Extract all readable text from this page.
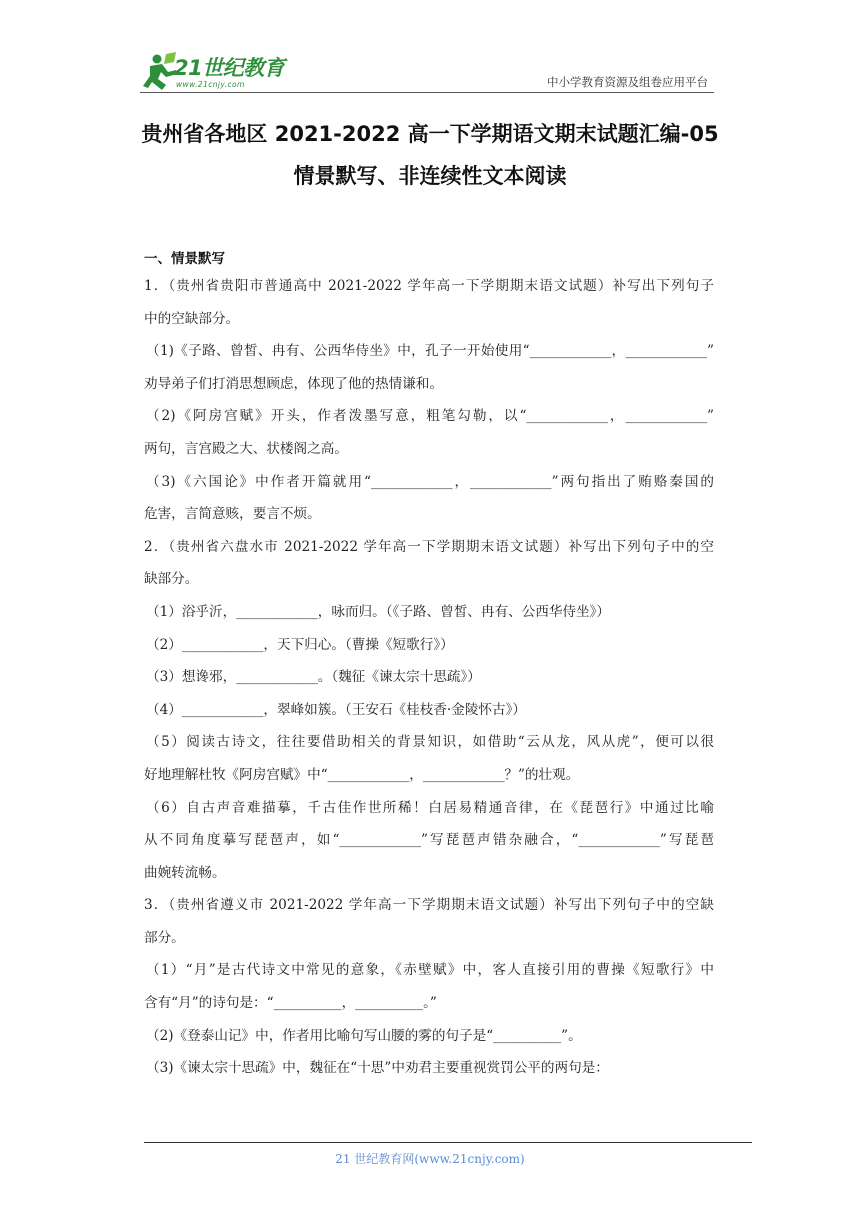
21世纪教育
www.21cnjy.com	中小学教育资源及组卷应用平台
贵州省各地区 2021-2022 高一下学期语文期末试题汇编-05
情景默写、非连续性文本阅读
一、情景默写

1．（贵州省贵阳市普通高中 2021-2022 学年高一下学期期末语文试题）补写出下列句子

中的空缺部分。

（1)《子路、曾皙、冉有、公西华侍坐》中，孔子一开始使用“____________，____________”

劝导弟子们打消思想顾虑，体现了他的热情谦和。

（2)《阿房宫赋》开头，作者泼墨写意，粗笔勾勒，以“____________，____________”

两句，言宫殿之大、状楼阁之高。

（3)《六国论》中作者开篇就用“____________，____________”两句指出了贿赂秦国的

危害，言简意赅，要言不烦。

2．（贵州省六盘水市 2021-2022 学年高一下学期期末语文试题）补写出下列句子中的空

缺部分。

（1）浴乎沂，____________，咏而归。（《子路、曾皙、冉有、公西华侍坐》）

（2）____________，天下归心。（曹操《短歌行》）

（3）想谗邪，____________。（魏征《谏太宗十思疏》）

（4）____________，翠峰如簇。（王安石《桂枝香·金陵怀古》）

（5）阅读古诗文，往往要借助相关的背景知识，如借助“云从龙，风从虎”，便可以很

好地理解杜牧《阿房宫赋》中“____________，____________？”的壮观。

（6）自古声音难描摹，千古佳作世所稀！白居易精通音律，在《琵琶行》中通过比喻

从不同角度摹写琵琶声，如“____________”写琵琶声错杂融合，“____________”写琵琶

曲婉转流畅。

3．（贵州省遵义市 2021-2022 学年高一下学期期末语文试题）补写出下列句子中的空缺

部分。

（1）“月”是古代诗文中常见的意象，《赤壁赋》中，客人直接引用的曹操《短歌行》中

含有“月”的诗句是：“__________，__________。”

（2)《登泰山记》中，作者用比喻句写山腰的雾的句子是“__________”。

（3)《谏太宗十思疏》中，魏征在“十思”中劝君主要重视赏罚公平的两句是：

21 世纪教育网(www.21cnjy.com)
